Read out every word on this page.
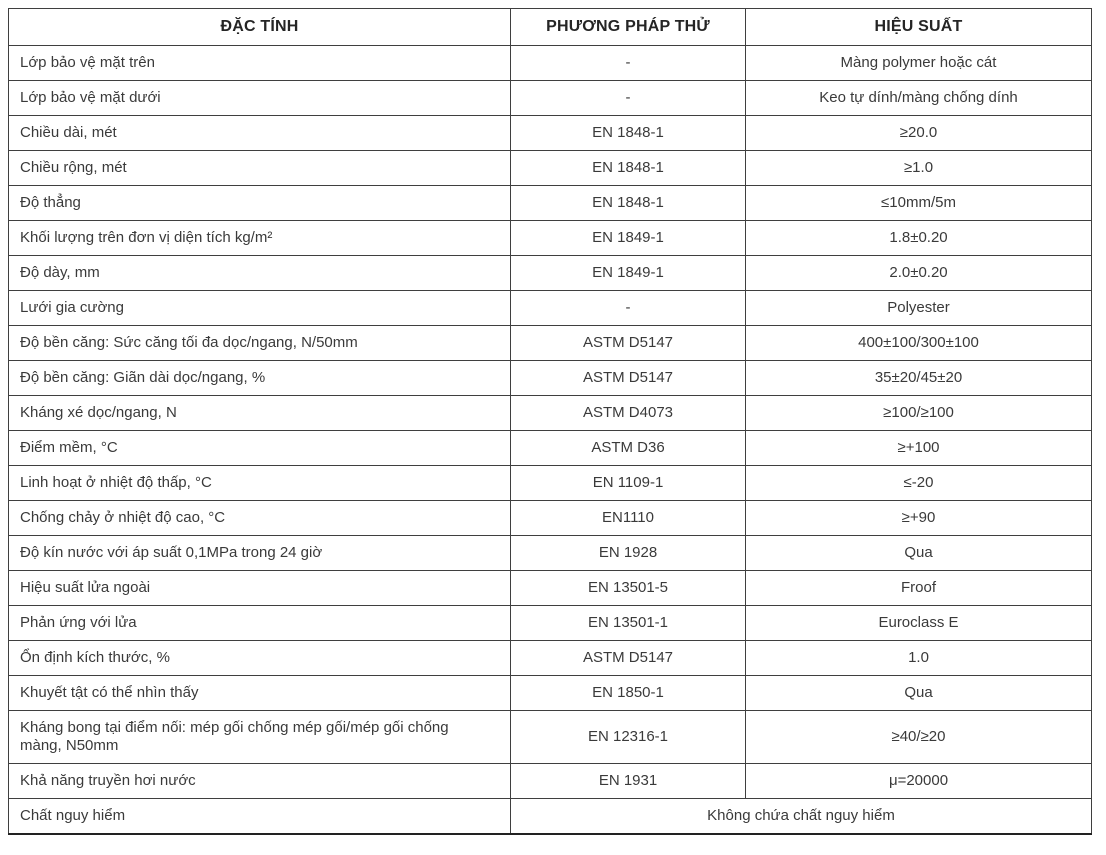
ĐẶC TÍNH	PHƯƠNG PHÁP THỬ	HIỆU SUẤT
Lớp bảo vệ mặt trên	-	Màng polymer hoặc cát
Lớp bảo vệ mặt dưới	-	Keo tự dính/màng chống dính
Chiều dài, mét	EN 1848-1	≥20.0
Chiều rộng, mét	EN 1848-1	≥1.0
Độ thẳng	EN 1848-1	≤10mm/5m
Khối lượng trên đơn vị diện tích kg/m²	EN 1849-1	1.8±0.20
Độ dày, mm	EN 1849-1	2.0±0.20
Lưới gia cường	-	Polyester
Độ bền căng: Sức căng tối đa dọc/ngang, N/50mm	ASTM D5147	400±100/300±100
Độ bền căng: Giãn dài dọc/ngang, %	ASTM D5147	35±20/45±20
Kháng xé dọc/ngang, N	ASTM D4073	≥100/≥100
Điểm mềm, °C	ASTM D36	≥+100
Linh hoạt ở nhiệt độ thấp, °C	EN 1109-1	≤-20
Chống chảy ở nhiệt độ cao, °C	EN1110	≥+90
Độ kín nước với áp suất 0,1MPa trong 24 giờ	EN 1928	Qua
Hiệu suất lửa ngoài	EN 13501-5	Froof
Phản ứng với lửa	EN 13501-1	Euroclass E
Ổn định kích thước, %	ASTM D5147	1.0
Khuyết tật có thể nhìn thấy	EN 1850-1	Qua
Kháng bong tại điểm nối: mép gối chống mép gối/mép gối chống màng, N50mm	EN 12316-1	≥40/≥20
Khả năng truyền hơi nước	EN 1931	μ=20000
Chất nguy hiểm	Không chứa chất nguy hiểm	
